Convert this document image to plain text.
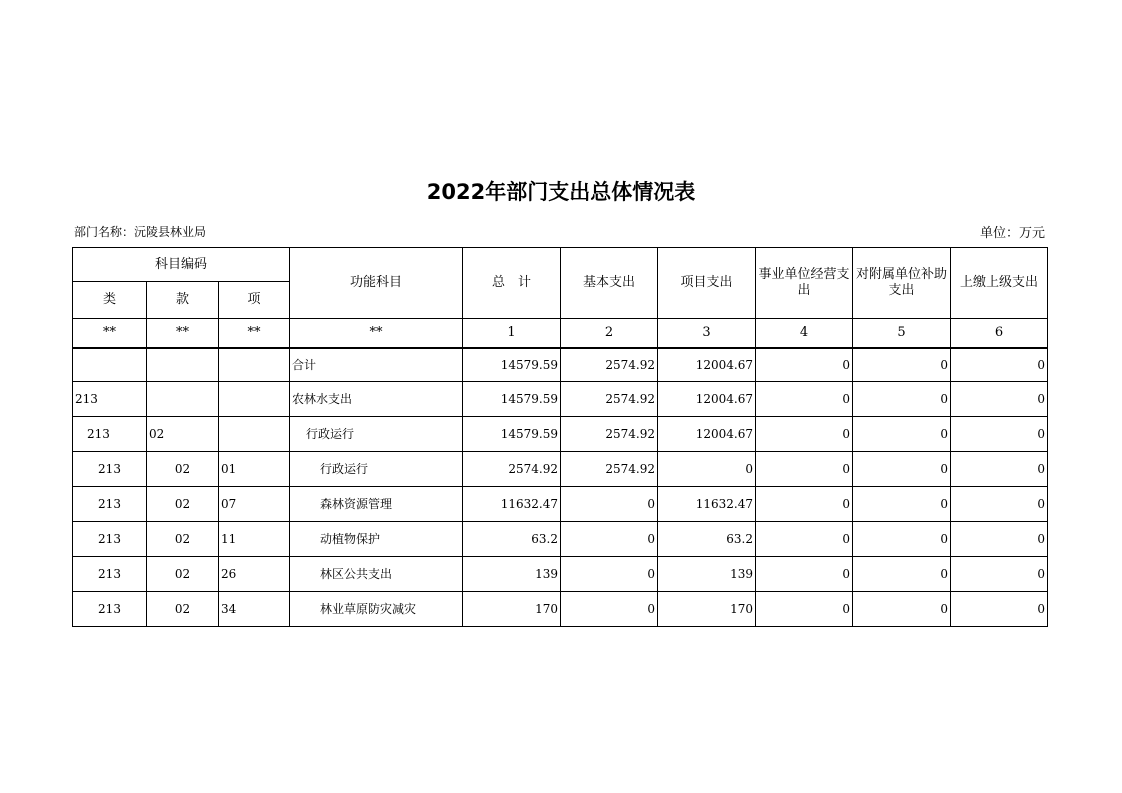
2022年部门支出总体情况表
部门名称：沅陵县林业局	单位：万元
科目编码			功能科目	总　计	基本支出	项目支出	事业单位经营支出	对附属单位补助支出	上缴上级支出
类	款	项							
**	**	**	**	1	2	3	4	5	6
			合计	14579.59	2574.92	12004.67	0	0	0
213			农林水支出	14579.59	2574.92	12004.67	0	0	0
213	02		行政运行	14579.59	2574.92	12004.67	0	0	0
213	02	01	行政运行	2574.92	2574.92	0	0	0	0
213	02	07	森林资源管理	11632.47	0	11632.47	0	0	0
213	02	11	动植物保护	63.2	0	63.2	0	0	0
213	02	26	林区公共支出	139	0	139	0	0	0
213	02	34	林业草原防灾减灾	170	0	170	0	0	0
